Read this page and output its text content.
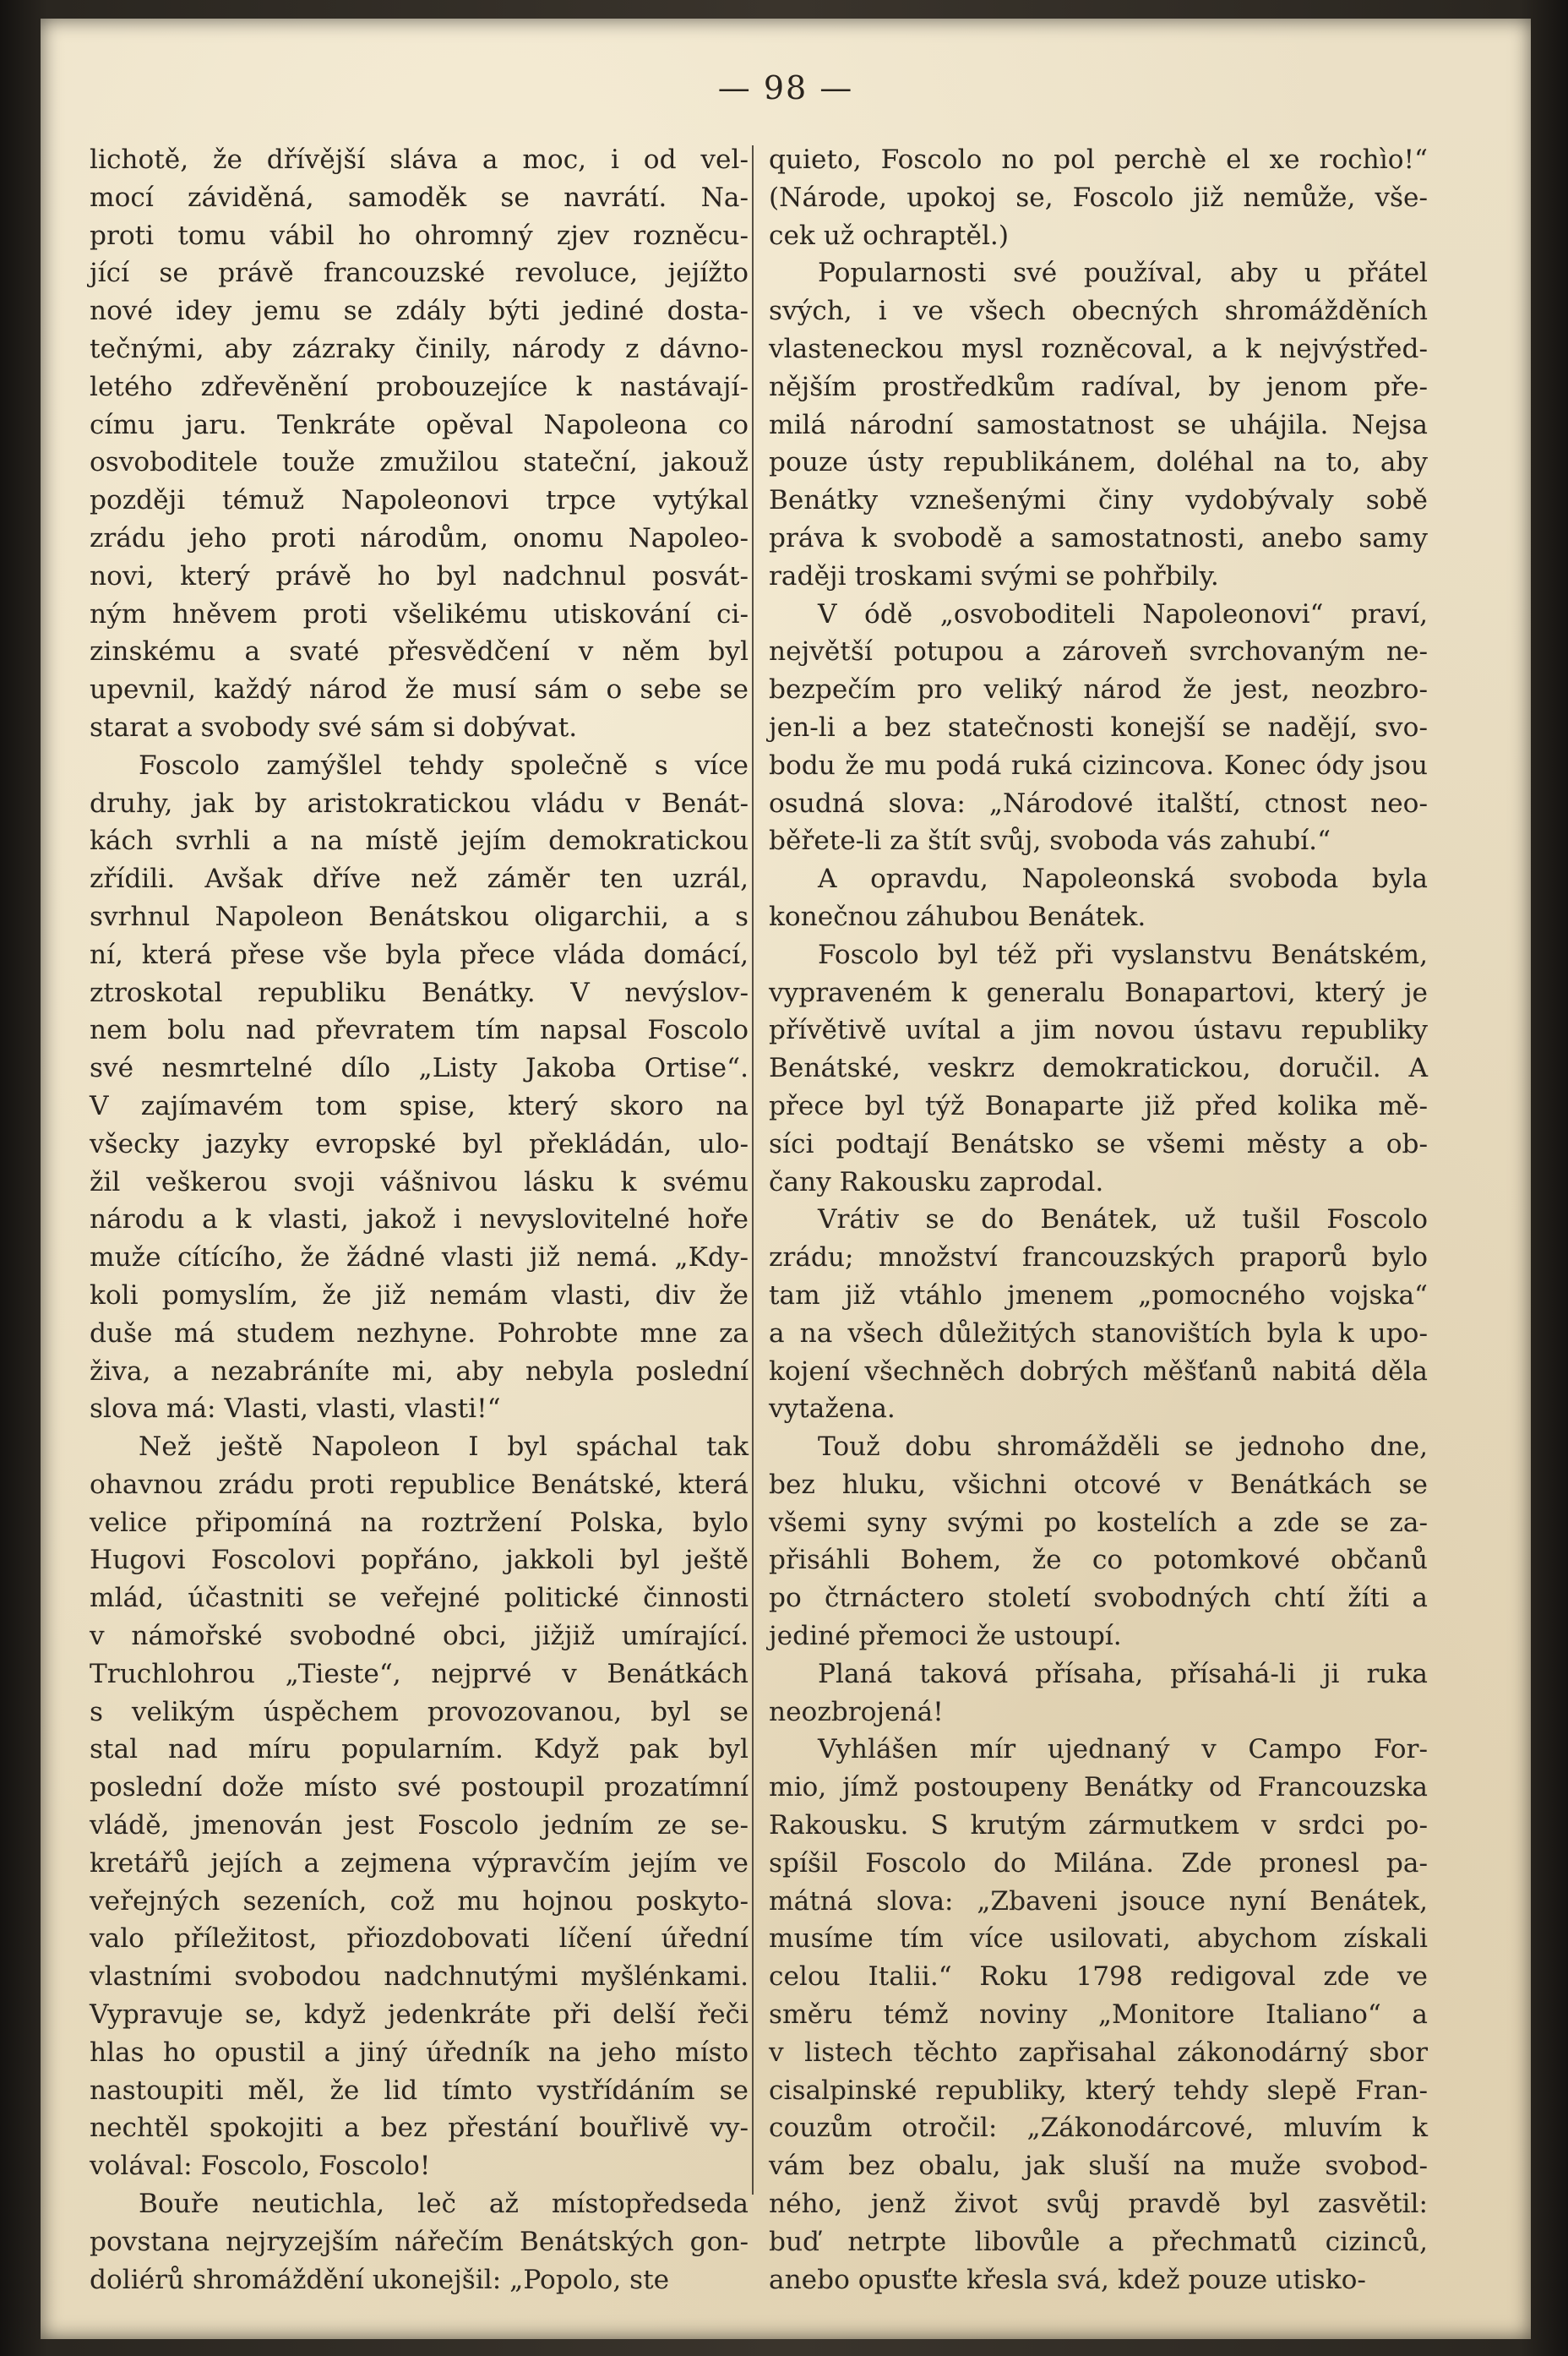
— 98 —
lichotě, že dřívější sláva a moc, i od vel-
mocí záviděná, samoděk se navrátí. Na-
proti tomu vábil ho ohromný zjev rozněcu-
jící se právě francouzské revoluce, jejížto
nové idey jemu se zdály býti jediné dosta-
tečnými, aby zázraky činily, národy z dávno-
letého zdřevěnění probouzejíce k nastávají-
címu jaru. Tenkráte opěval Napoleona co
osvoboditele touže zmužilou stateční, jakouž
později témuž Napoleonovi trpce vytýkal
zrádu jeho proti národům, onomu Napoleo-
novi, který právě ho byl nadchnul posvát-
ným hněvem proti všelikému utiskování ci-
zinskému a svaté přesvědčení v něm byl
upevnil, každý národ že musí sám o sebe se
starat a svobody své sám si dobývat.
Foscolo zamýšlel tehdy společně s více
druhy, jak by aristokratickou vládu v Benát-
kách svrhli a na místě jejím demokratickou
zřídili. Avšak dříve než záměr ten uzrál,
svrhnul Napoleon Benátskou oligarchii, a s
ní, která přese vše byla přece vláda domácí,
ztroskotal republiku Benátky. V nevýslov-
nem bolu nad převratem tím napsal Foscolo
své nesmrtelné dílo „Listy Jakoba Ortise“.
V zajímavém tom spise, který skoro na
všecky jazyky evropské byl překládán, ulo-
žil veškerou svoji vášnivou lásku k svému
národu a k vlasti, jakož i nevyslovitelné hoře
muže cítícího, že žádné vlasti již nemá. „Kdy-
koli pomyslím, že již nemám vlasti, div že
duše má studem nezhyne. Pohrobte mne za
živa, a nezabráníte mi, aby nebyla poslední
slova má: Vlasti, vlasti, vlasti!“
Než ještě Napoleon I byl spáchal tak
ohavnou zrádu proti republice Benátské, která
velice připomíná na roztržení Polska, bylo
Hugovi Foscolovi popřáno, jakkoli byl ještě
mlád, účastniti se veřejné politické činnosti
v námořské svobodné obci, jižjiž umírající.
Truchlohrou „Tieste“, nejprvé v Benátkách
s velikým úspěchem provozovanou, byl se
stal nad míru popularním. Když pak byl
poslední dože místo své postoupil prozatímní
vládě, jmenován jest Foscolo jedním ze se-
kretářů jejích a zejmena výpravčím jejím ve
veřejných sezeních, což mu hojnou poskyto-
valo příležitost, přiozdobovati líčení úřední
vlastními svobodou nadchnutými myšlénkami.
Vypravuje se, když jedenkráte při delší řeči
hlas ho opustil a jiný úředník na jeho místo
nastoupiti měl, že lid tímto vystřídáním se
nechtěl spokojiti a bez přestání bouřlivě vy-
volával: Foscolo, Foscolo!
Bouře neutichla, leč až místopředseda
povstana nejryzejším nářečím Benátských gon-
doliérů shromáždění ukonejšil: „Popolo, ste
quieto, Foscolo no pol perchè el xe rochìo!“
(Národe, upokoj se, Foscolo již nemůže, vše-
cek už ochraptěl.)
Popularnosti své používal, aby u přátel
svých, i ve všech obecných shromážděních
vlasteneckou mysl rozněcoval, a k nejvýstřed-
nějším prostředkům radíval, by jenom pře-
milá národní samostatnost se uhájila. Nejsa
pouze ústy republikánem, doléhal na to, aby
Benátky vznešenými činy vydobývaly sobě
práva k svobodě a samostatnosti, anebo samy
raději troskami svými se pohřbily.
V ódě „osvoboditeli Napoleonovi“ praví,
největší potupou a zároveň svrchovaným ne-
bezpečím pro veliký národ že jest, neozbro-
jen-li a bez statečnosti konejší se nadějí, svo-
bodu že mu podá ruká cizincova. Konec ódy jsou
osudná slova: „Národové italští, ctnost neo-
běřete-li za štít svůj, svoboda vás zahubí.“
A opravdu, Napoleonská svoboda byla
konečnou záhubou Benátek.
Foscolo byl též při vyslanstvu Benátském,
vypraveném k generalu Bonapartovi, který je
přívětivě uvítal a jim novou ústavu republiky
Benátské, veskrz demokratickou, doručil. A
přece byl týž Bonaparte již před kolika mě-
síci podtají Benátsko se všemi městy a ob-
čany Rakousku zaprodal.
Vrátiv se do Benátek, už tušil Foscolo
zrádu; množství francouzských praporů bylo
tam již vtáhlo jmenem „pomocného vojska“
a na všech důležitých stanovištích byla k upo-
kojení všechněch dobrých měšťanů nabitá děla
vytažena.
Touž dobu shromážděli se jednoho dne,
bez hluku, všichni otcové v Benátkách se
všemi syny svými po kostelích a zde se za-
přisáhli Bohem, že co potomkové občanů
po čtrnáctero století svobodných chtí žíti a
jediné přemoci že ustoupí.
Planá taková přísaha, přísahá-li ji ruka
neozbrojená!
Vyhlášen mír ujednaný v Campo For-
mio, jímž postoupeny Benátky od Francouzska
Rakousku. S krutým zármutkem v srdci po-
spíšil Foscolo do Milána. Zde pronesl pa-
mátná slova: „Zbaveni jsouce nyní Benátek,
musíme tím více usilovati, abychom získali
celou Italii.“ Roku 1798 redigoval zde ve
směru témž noviny „Monitore Italiano“ a
v listech těchto zapřisahal zákonodárný sbor
cisalpinské republiky, který tehdy slepě Fran-
couzům otročil: „Zákonodárcové, mluvím k
vám bez obalu, jak sluší na muže svobod-
ného, jenž život svůj pravdě byl zasvětil:
buď netrpte libovůle a přechmatů cizinců,
anebo opusťte křesla svá, kdež pouze utisko-
